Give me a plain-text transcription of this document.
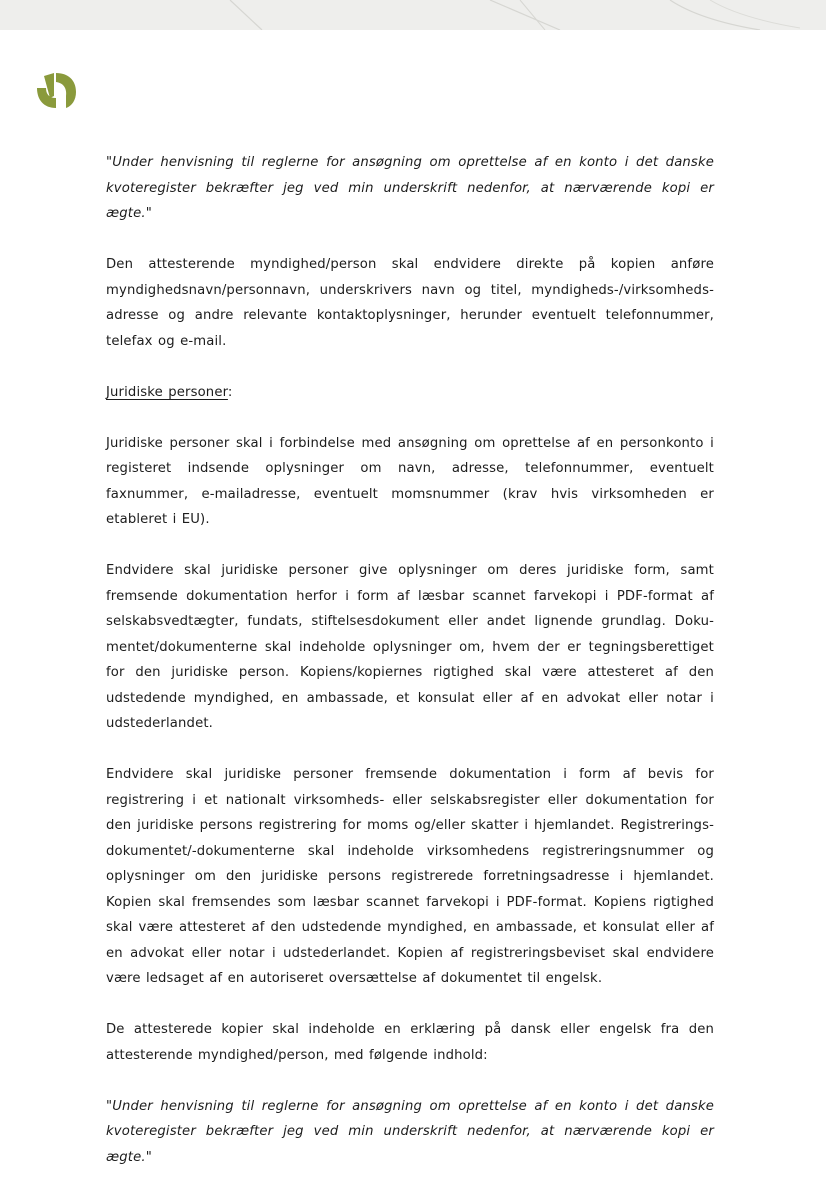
"Under henvisning til reglerne for ansøgning om oprettelse af en konto i det danske kvoteregister bekræfter jeg ved min underskrift nedenfor, at nærværende kopi er ægte."

Den attesterende myndighed/person skal endvidere direkte på kopien anføre myndighedsnavn/personnavn, underskrivers navn og titel, myndigheds-/virksomheds-adresse og andre relevante kontaktoplysninger, herunder eventuelt telefonnummer, telefax og e-mail.

Juridiske personer:

Juridiske personer skal i forbindelse med ansøgning om oprettelse af en personkonto i registeret indsende oplysninger om navn, adresse, telefonnummer, eventuelt faxnummer, e-mailadresse, eventuelt momsnummer (krav hvis virksomheden er etableret i EU).

Endvidere skal juridiske personer give oplysninger om deres juridiske form, samt fremsende dokumentation herfor i form af læsbar scannet farvekopi i PDF-format af selskabsvedtægter, fundats, stiftelsesdokument eller andet lignende grundlag. Doku-mentet/dokumenterne skal indeholde oplysninger om, hvem der er tegningsberettiget for den juridiske person. Kopiens/kopiernes rigtighed skal være attesteret af den udstedende myndighed, en ambassade, et konsulat eller af en advokat eller notar i udstederlandet.

Endvidere skal juridiske personer fremsende dokumentation i form af bevis for registrering i et nationalt virksomheds- eller selskabsregister eller dokumentation for den juridiske persons registrering for moms og/eller skatter i hjemlandet. Registrerings-dokumentet/-dokumenterne skal indeholde virksomhedens registreringsnummer og oplysninger om den juridiske persons registrerede forretningsadresse i hjemlandet. Kopien skal fremsendes som læsbar scannet farvekopi i PDF-format. Kopiens rigtighed skal være attesteret af den udstedende myndighed, en ambassade, et konsulat eller af en advokat eller notar i udstederlandet. Kopien af registreringsbeviset skal endvidere være ledsaget af en autoriseret oversættelse af dokumentet til engelsk.

De attesterede kopier skal indeholde en erklæring på dansk eller engelsk fra den attesterende myndighed/person, med følgende indhold:

"Under henvisning til reglerne for ansøgning om oprettelse af en konto i det danske kvoteregister bekræfter jeg ved min underskrift nedenfor, at nærværende kopi er ægte."
